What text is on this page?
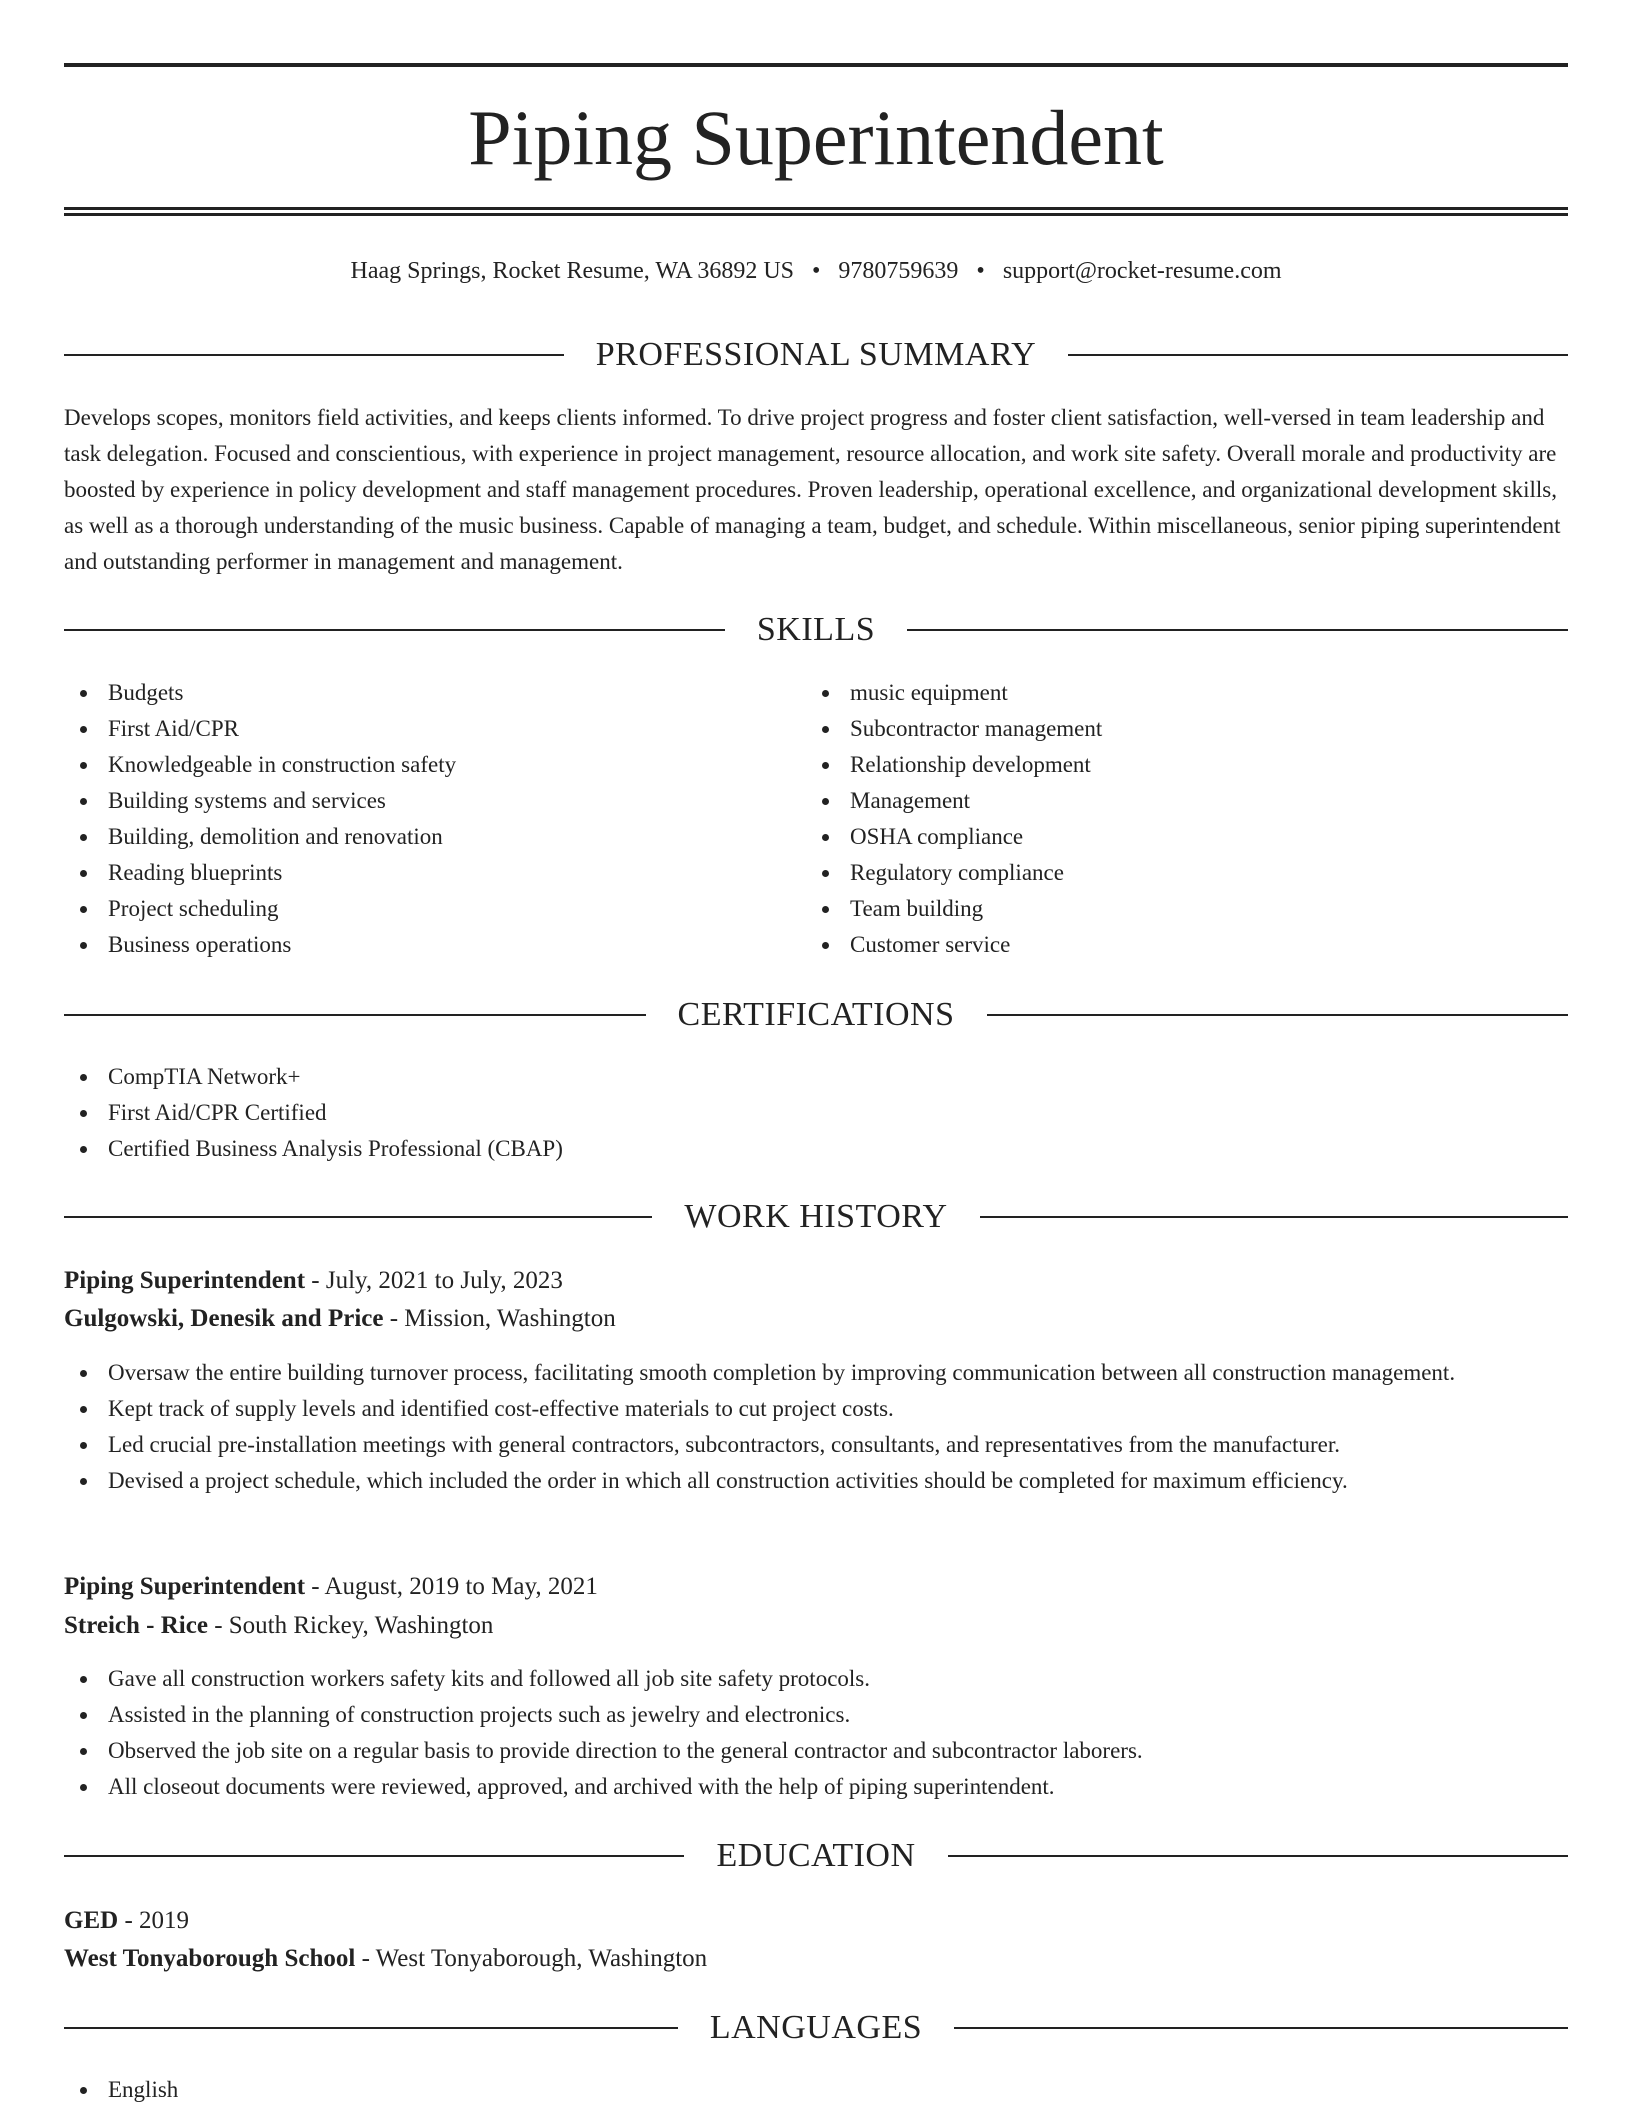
Piping Superintendent
Haag Springs, Rocket Resume, WA 36892 US • 9780759639 • support@rocket-resume.com
PROFESSIONAL SUMMARY

Develops scopes, monitors field activities, and keeps clients informed. To drive project progress and foster client satisfaction, well-versed in team leadership and task delegation. Focused and conscientious, with experience in project management, resource allocation, and work site safety. Overall morale and productivity are boosted by experience in policy development and staff management procedures. Proven leadership, operational excellence, and organizational development skills, as well as a thorough understanding of the music business. Capable of managing a team, budget, and schedule. Within miscellaneous, senior piping superintendent and outstanding performer in management and management.

SKILLS
Budgets
First Aid/CPR
Knowledgeable in construction safety
Building systems and services
Building, demolition and renovation
Reading blueprints
Project scheduling
Business operations
music equipment
Subcontractor management
Relationship development
Management
OSHA compliance
Regulatory compliance
Team building
Customer service
CERTIFICATIONS
CompTIA Network+
First Aid/CPR Certified
Certified Business Analysis Professional (CBAP)
WORK HISTORY
Piping Superintendent - July, 2021 to July, 2023
Gulgowski, Denesik and Price - Mission, Washington
Oversaw the entire building turnover process, facilitating smooth completion by improving communication between all construction management.
Kept track of supply levels and identified cost-effective materials to cut project costs.
Led crucial pre-installation meetings with general contractors, subcontractors, consultants, and representatives from the manufacturer.
Devised a project schedule, which included the order in which all construction activities should be completed for maximum efficiency.
Piping Superintendent - August, 2019 to May, 2021
Streich - Rice - South Rickey, Washington
Gave all construction workers safety kits and followed all job site safety protocols.
Assisted in the planning of construction projects such as jewelry and electronics.
Observed the job site on a regular basis to provide direction to the general contractor and subcontractor laborers.
All closeout documents were reviewed, approved, and archived with the help of piping superintendent.
EDUCATION
GED - 2019
West Tonyaborough School - West Tonyaborough, Washington
LANGUAGES
English
